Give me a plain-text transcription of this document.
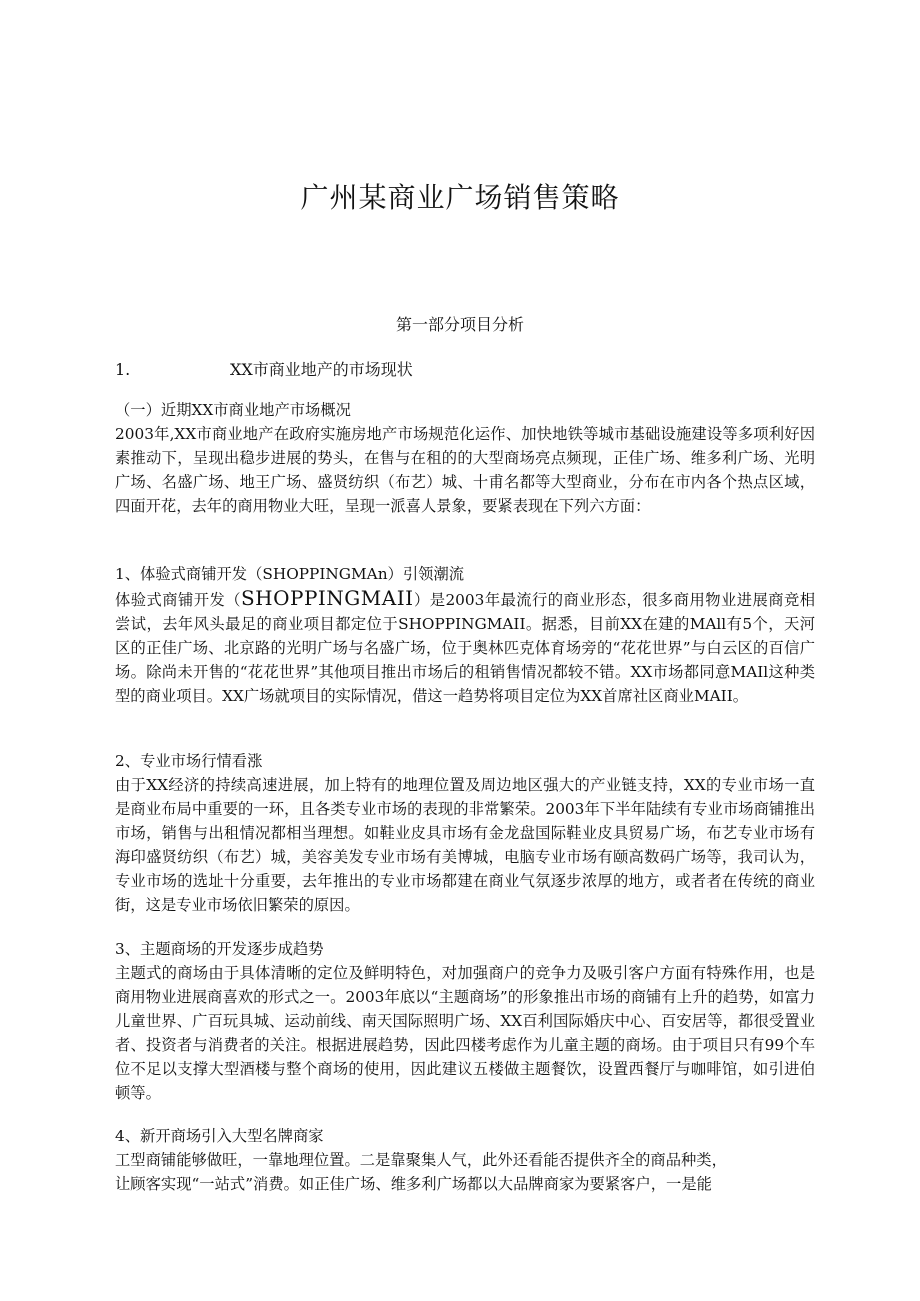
广州某商业广场销售策略
第一部分项目分析
1.	XX市商业地产的市场现状
（一）近期XX市商业地产市场概况
2003年,XX市商业地产在政府实施房地产市场规范化运作、加快地铁等城市基础设施建设等多项利好因素推动下，呈现出稳步进展的势头，在售与在租的的大型商场亮点频现，正佳广场、维多利广场、光明广场、名盛广场、地王广场、盛贤纺织（布艺）城、十甫名都等大型商业，分布在市内各个热点区域，四面开花，去年的商用物业大旺，呈现一派喜人景象，要紧表现在下列六方面：
1、体验式商铺开发（SHOPPINGMAn）引领潮流
体验式商铺开发（SHOPPINGMAII）是2003年最流行的商业形态，很多商用物业进展商竞相尝试，去年风头最足的商业项目都定位于SHOPPINGMAII。据悉，目前XX在建的MAll有5个，天河区的正佳广场、北京路的光明广场与名盛广场，位于奥林匹克体育场旁的“花花世界”与白云区的百信广场。除尚未开售的“花花世界”其他项目推出市场后的租销售情况都较不错。XX市场都同意MAIl这种类型的商业项目。XX广场就项目的实际情况，借这一趋势将项目定位为XX首席社区商业MAII。
2、专业市场行情看涨
由于XX经济的持续高速进展，加上特有的地理位置及周边地区强大的产业链支持，XX的专业市场一直是商业布局中重要的一环，且各类专业市场的表现的非常繁荣。2003年下半年陆续有专业市场商铺推出市场，销售与出租情况都相当理想。如鞋业皮具市场有金龙盘国际鞋业皮具贸易广场，布艺专业市场有海印盛贤纺织（布艺）城，美容美发专业市场有美博城，电脑专业市场有颐高数码广场等，我司认为，专业市场的选址十分重要，去年推出的专业市场都建在商业气氛逐步浓厚的地方，或者者在传统的商业街，这是专业市场依旧繁荣的原因。
3、主题商场的开发逐步成趋势
主题式的商场由于具体清晰的定位及鲜明特色，对加强商户的竞争力及吸引客户方面有特殊作用，也是商用物业进展商喜欢的形式之一。2003年底以“主题商场”的形象推出市场的商铺有上升的趋势，如富力儿童世界、广百玩具城、运动前线、南天国际照明广场、XX百利国际婚庆中心、百安居等，都很受置业者、投资者与消费者的关注。根据进展趋势，因此四楼考虑作为儿童主题的商场。由于项目只有99个车位不足以支撑大型酒楼与整个商场的使用，因此建议五楼做主题餐饮，设置西餐厅与咖啡馆，如引进伯顿等。
4、新开商场引入大型名牌商家
工型商铺能够做旺，一靠地理位置。二是靠聚集人气，此外还看能否提供齐全的商品种类，
让顾客实现“一站式”消费。如正佳广场、维多利广场都以大品牌商家为要紧客户，一是能
